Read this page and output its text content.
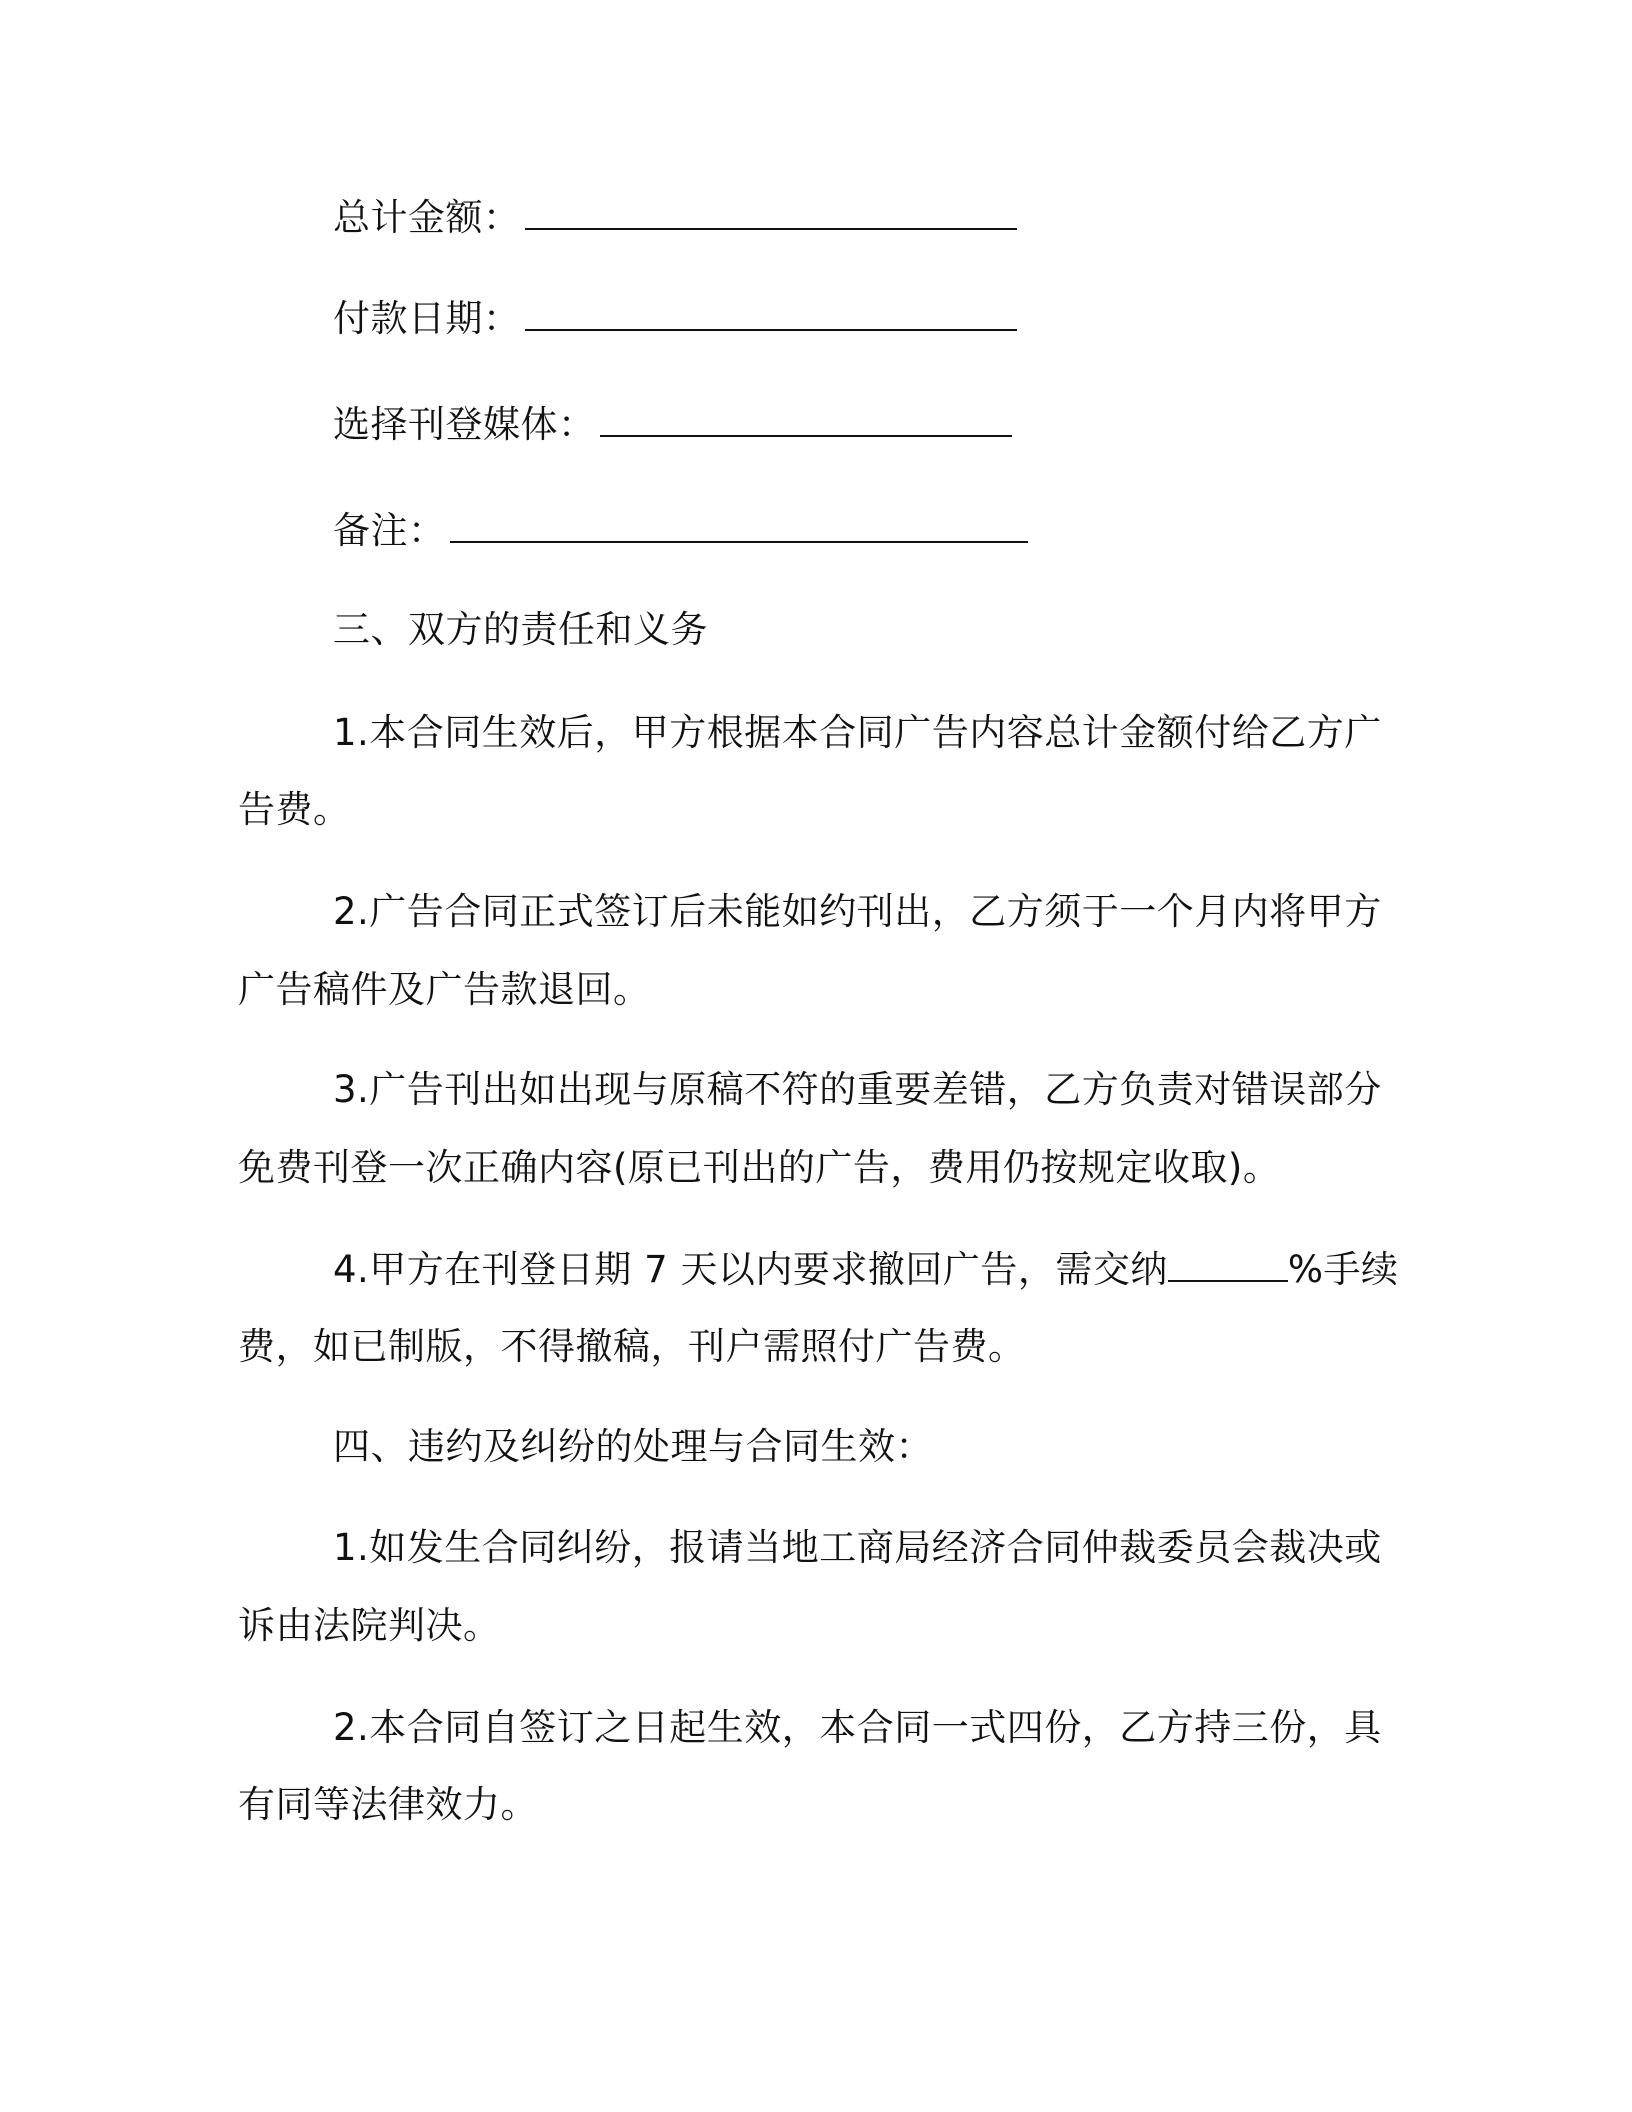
总计金额：
付款日期：
选择刊登媒体：
备注：
三、双方的责任和义务
1.本合同生效后，甲方根据本合同广告内容总计金额付给乙方广
告费。
2.广告合同正式签订后未能如约刊出，乙方须于一个月内将甲方
广告稿件及广告款退回。
3.广告刊出如出现与原稿不符的重要差错，乙方负责对错误部分
免费刊登一次正确内容(原已刊出的广告，费用仍按规定收取)。
4.甲方在刊登日期 7 天以内要求撤回广告，需交纳	%手续
费，如已制版，不得撤稿，刊户需照付广告费。
四、违约及纠纷的处理与合同生效：
1.如发生合同纠纷，报请当地工商局经济合同仲裁委员会裁决或
诉由法院判决。
2.本合同自签订之日起生效，本合同一式四份，乙方持三份，具
有同等法律效力。
